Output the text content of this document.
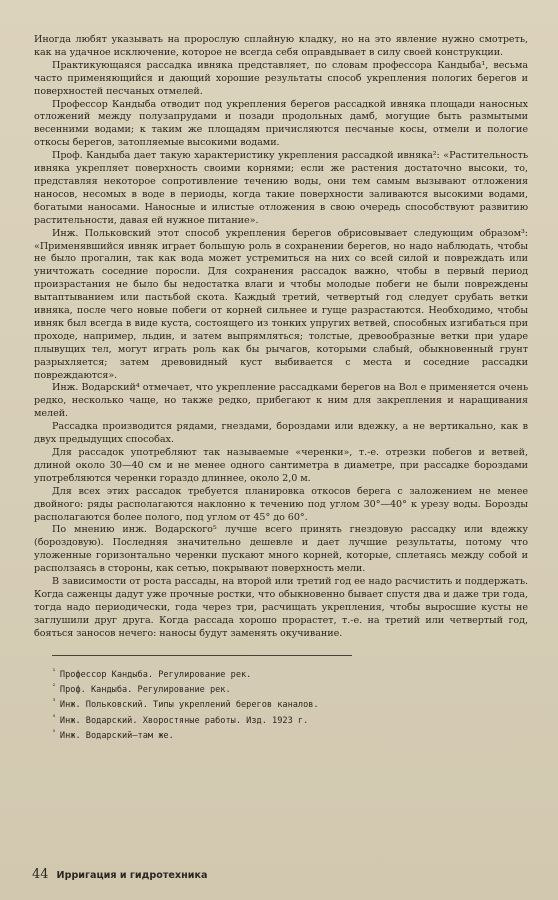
Иногда любят указывать на пророслую сплайную кладку, но на это явление нужно смотреть, как на удачное исключение, которое не всегда себя оправдывает в силу своей конструкции.

Практикующаяся рассадка ивняка представляет, по словам профессора Кандыба¹, весьма часто применяющийся и дающий хорошие результаты способ укрепления пологих берегов и поверхностей песчаных отмелей.

Профессор Кандыба отводит под укрепления берегов рассадкой ивняка площади наносных отложений между полузапрудами и позади продольных дамб, могущие быть размытыми весенними водами; к таким же площадям причисляются песчаные косы, отмели и пологие откосы берегов, затопляемые высокими водами.

Проф. Кандыба дает такую характеристику укрепления рассадкой ивняка²: «Растительность ивняка укрепляет поверхность своими корнями; если же растения достаточно высоки, то, представляя некоторое сопротивление течению воды, они тем самым вызывают отложения наносов, несомых в воде в периоды, когда такие поверхности заливаются высокими водами, богатыми наносами. Наносные и илистые отложения в свою очередь способствуют развитию растительности, давая ей нужное питание».

Инж. Польковский этот способ укрепления берегов обрисовывает следующим образом³: «Применявшийся ивняк играет большую роль в сохранении берегов, но надо наблюдать, чтобы не было прогалин, так как вода может устремиться на них со всей силой и повреждать или уничтожать соседние поросли. Для сохранения рассадок важно, чтобы в первый период произрастания не было бы недостатка влаги и чтобы молодые побеги не были повреждены вытаптыванием или пастьбой скота. Каждый третий, четвертый год следует срубать ветки ивняка, после чего новые побеги от корней сильнее и гуще разрастаются. Необходимо, чтобы ивняк был всегда в виде куста, состоящего из тонких упругих ветвей, способных изгибаться при проходе, например, льдин, и затем выпрямляться; толстые, древообразные ветки при ударе плывущих тел, могут играть роль как бы рычагов, которыми слабый, обыкновенный грунт разрыхляется; затем древовидный куст выбивается с места и соседние рассадки повреждаются».

Инж. Водарский⁴ отмечает, что укрепление рассадками берегов на Вол е применяется очень редко, несколько чаще, но также редко, прибегают к ним для закрепления и наращивания мелей.

Рассадка производится рядами, гнездами, бороздами или вдежку, а не вертикально, как в двух предыдущих способах.

Для рассадок употребляют так называемые «черенки», т.-е. отрезки побегов и ветвей, длиной около 30—40 см и не менее одного сантиметра в диаметре, при рассадке бороздами употребляются черенки гораздо длиннее, около 2,0 м.

Для всех этих рассадок требуется планировка откосов берега с заложением не менее двойного: ряды располагаются наклонно к течению под углом 30°—40° к урезу воды. Борозды располагаются более пологo, под углом от 45° до 60°.

По мнению инж. Водарского⁵ лучше всего принять гнездовую рассадку или вдежку (бороздовую). Последняя значительно дешевле и дает лучшие результаты, потому что уложенные горизонтально черенки пускают много корней, которые, сплетаясь между собой и расползаясь в стороны, как сетью, покрывают поверхность мели.

В зависимости от роста рассады, на второй или третий год ее надо расчистить и поддержать. Когда саженцы дадут уже прочные ростки, что обыкновенно бывает спустя два и даже три года, тогда надо периодически, года через три, расчищать укрепления, чтобы выросшие кусты не заглушили друг друга. Когда рассада хорошо прорастет, т.-е. на третий или четвертый год, бояться заносов нечего: наносы будут заменять окучивание.

$^{^1}$ Профессор Кандыба. Регулирование рек.
$^{^2}$ Проф. Кандыба. Регулирование рек.
$^{^3}$ Инж. Польковский. Типы укреплений берегов каналов.
$^{^4}$ Инж. Водарский. Хворостяные работы. Изд. 1923 г.
$^{^5}$ Инж. Водарский—там же.
44 Ирригация и гидротехника
